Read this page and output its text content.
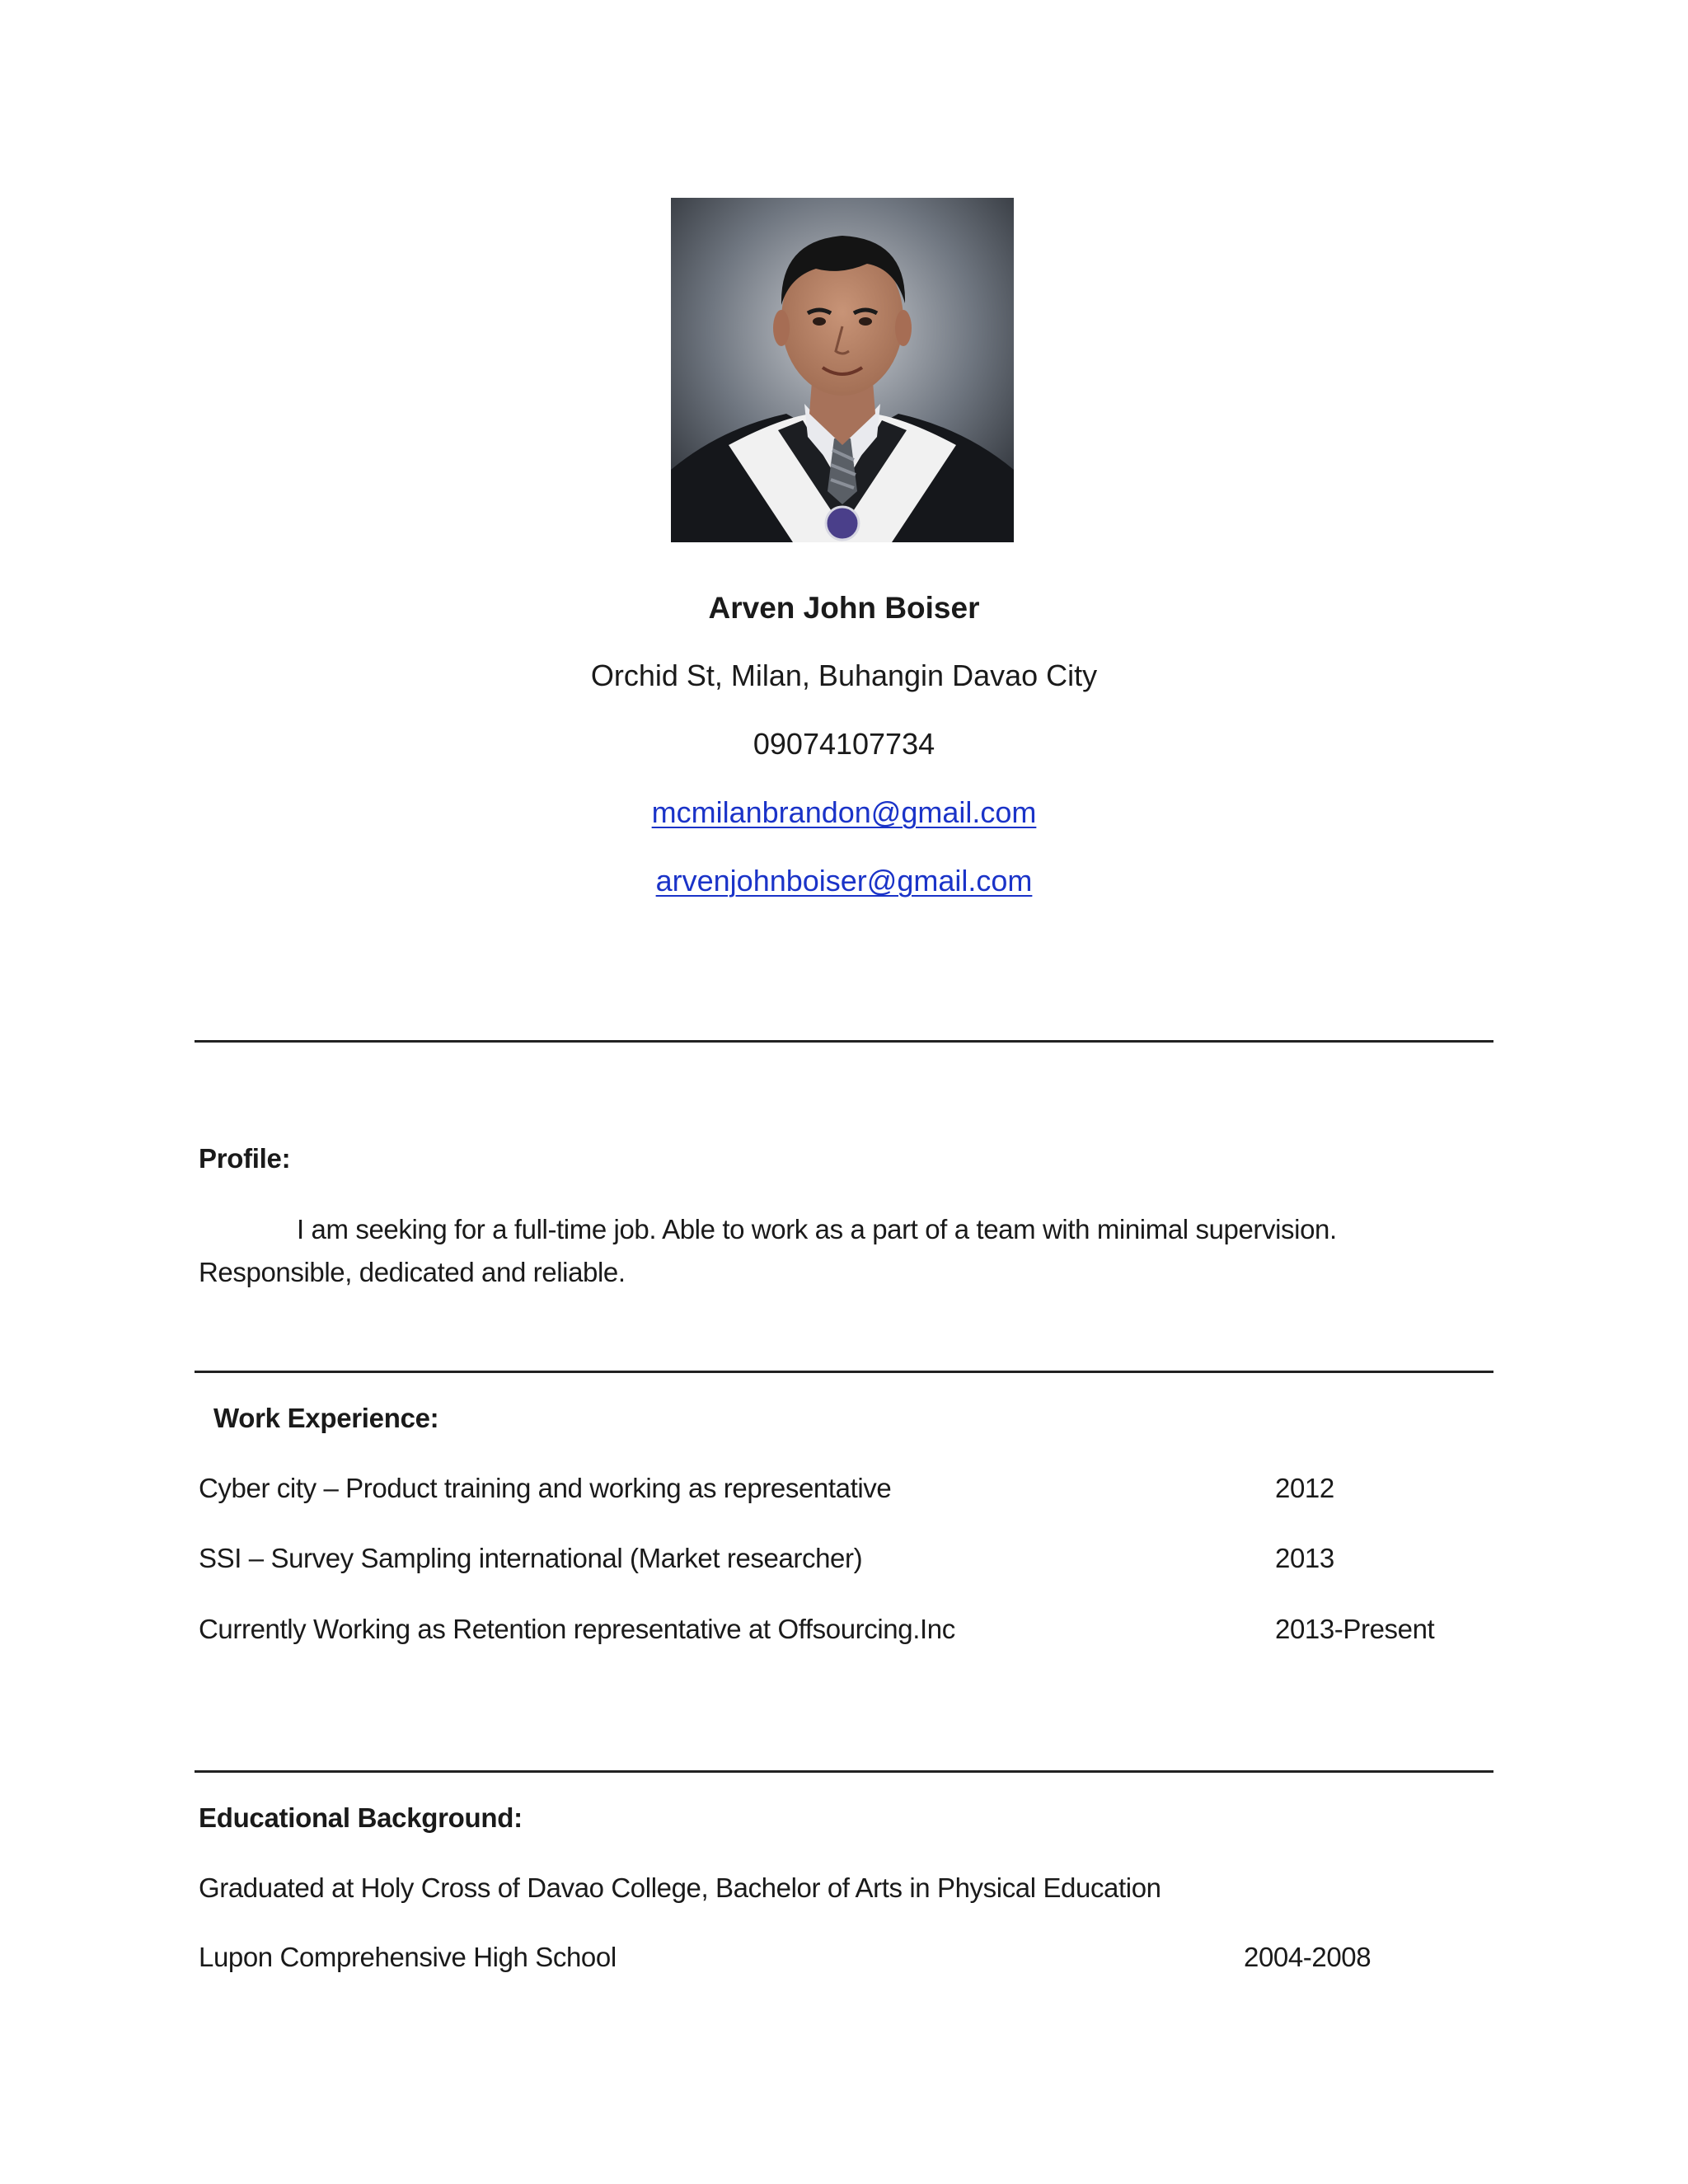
Arven John Boiser
Orchid St, Milan, Buhangin Davao City
09074107734
mcmilanbrandon@gmail.com
arvenjohnboiser@gmail.com
Profile:
I am seeking for a full-time job. Able to work as a part of a team with minimal supervision.
Responsible, dedicated and reliable.
Work Experience:
Cyber city – Product training and working as representative	2012
SSI – Survey Sampling international (Market researcher)	2013
Currently Working as Retention representative at Offsourcing.Inc	2013-Present
Educational Background:
Graduated at Holy Cross of Davao College, Bachelor of Arts in Physical Education
Lupon Comprehensive High School	2004-2008
